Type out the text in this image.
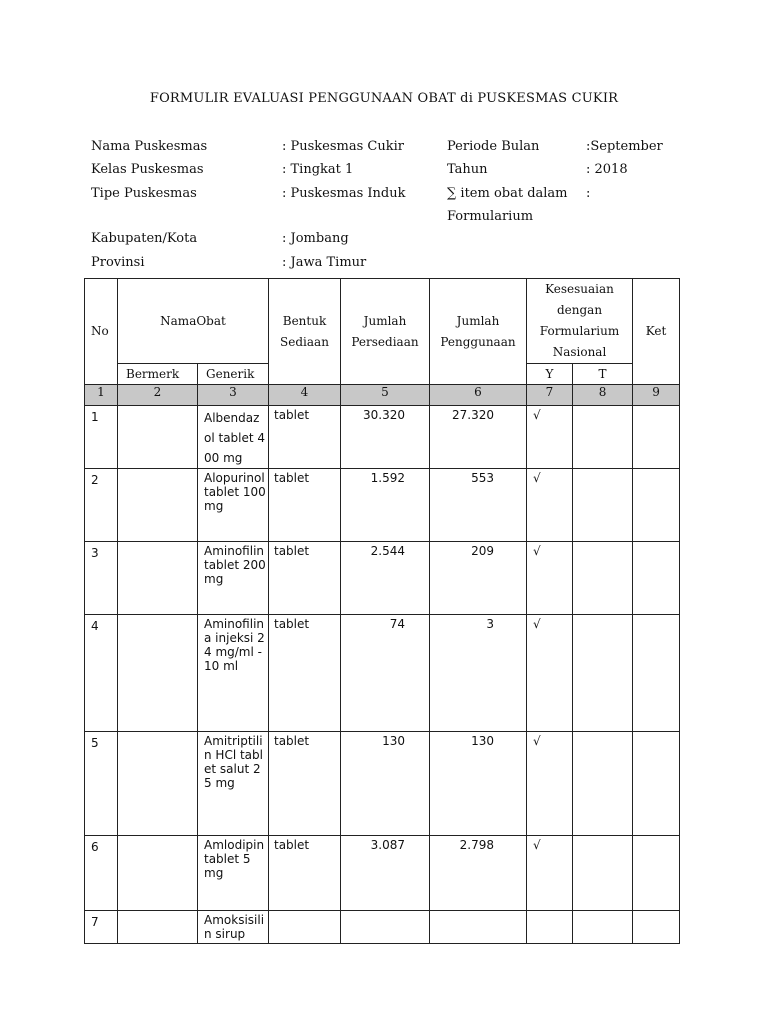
FORMULIR EVALUASI PENGGUNAAN OBAT di PUSKESMAS CUKIR
Nama Puskesmas	: Puskesmas Cukir	Periode Bulan	:September
Kelas Puskesmas	: Tingkat 1	Tahun	: 2018
Tipe Puskesmas	: Puskesmas Induk	∑ item obat dalam :
Formularium
Kabupaten/Kota	: Jombang
Provinsi	: Jawa Timur
No	NamaObat		Bentuk Sediaan	Jumlah Persediaan	Jumlah Penggunaan	Kesesuaian dengan Formularium Nasional		Ket
	Bermerk	Generik				Y	T	
1	2	3	4	5	6	7	8	9
1		Albendazol tablet 400 mg	tablet	30.320	27.320	√		
2		Alopurinol tablet 100 mg	tablet	1.592	553	√		
3		Aminofilin tablet 200 mg	tablet	2.544	209	√		
4		Aminofilina injeksi 24 mg/ml - 10 ml	tablet	74	3	√		
5		Amitriptilin HCl tablet salut 25 mg	tablet	130	130	√		
6		Amlodipin tablet 5 mg	tablet	3.087	2.798	√		
7		Amoksisilin sirup						
